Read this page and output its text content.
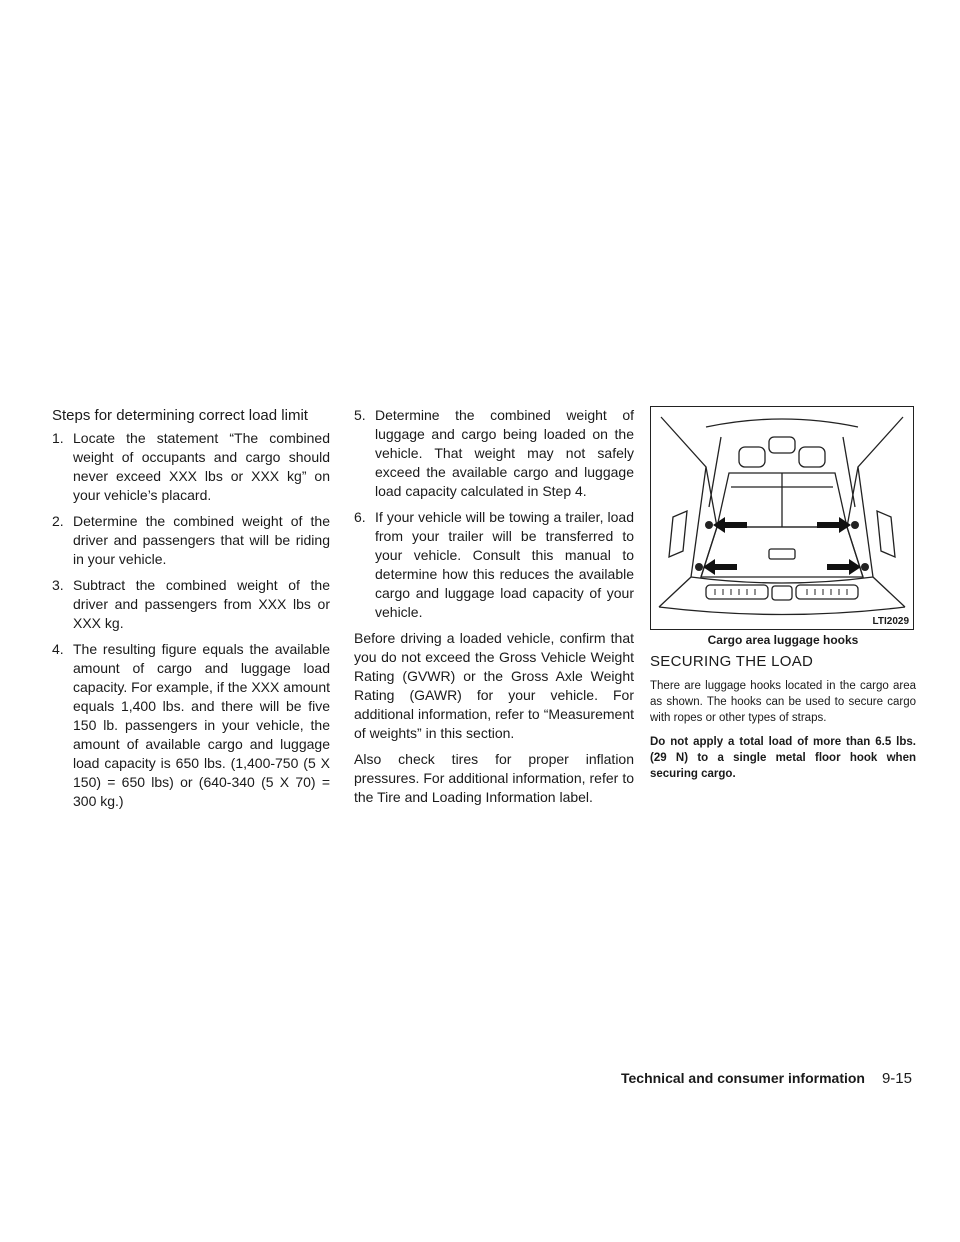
Steps for determining correct load limit
1. Locate the statement “The combined weight of occupants and cargo should never exceed XXX lbs or XXX kg” on your vehicle’s placard.
2. Determine the combined weight of the driver and passengers that will be riding in your vehicle.
3. Subtract the combined weight of the driver and passengers from XXX lbs or XXX kg.
4. The resulting figure equals the available amount of cargo and luggage load capacity. For example, if the XXX amount equals 1,400 lbs. and there will be five 150 lb. passengers in your vehicle, the amount of available cargo and luggage load capacity is 650 lbs. (1,400-750 (5 X 150) = 650 lbs) or (640-340 (5 X 70) = 300 kg.)
5. Determine the combined weight of luggage and cargo being loaded on the vehicle. That weight may not safely exceed the available cargo and luggage load capacity calculated in Step 4.
6. If your vehicle will be towing a trailer, load from your trailer will be transferred to your vehicle. Consult this manual to determine how this reduces the available cargo and luggage load capacity of your vehicle.

Before driving a loaded vehicle, confirm that you do not exceed the Gross Vehicle Weight Rating (GVWR) or the Gross Axle Weight Rating (GAWR) for your vehicle. For additional information, refer to “Measurement of weights” in this section.

Also check tires for proper inflation pressures. For additional information, refer to the Tire and Loading Information label.

LTI2029
Cargo area luggage hooks
SECURING THE LOAD

There are luggage hooks located in the cargo area as shown. The hooks can be used to secure cargo with ropes or other types of straps.

Do not apply a total load of more than 6.5 lbs. (29 N) to a single metal floor hook when securing cargo.

Technical and consumer information 9-15
